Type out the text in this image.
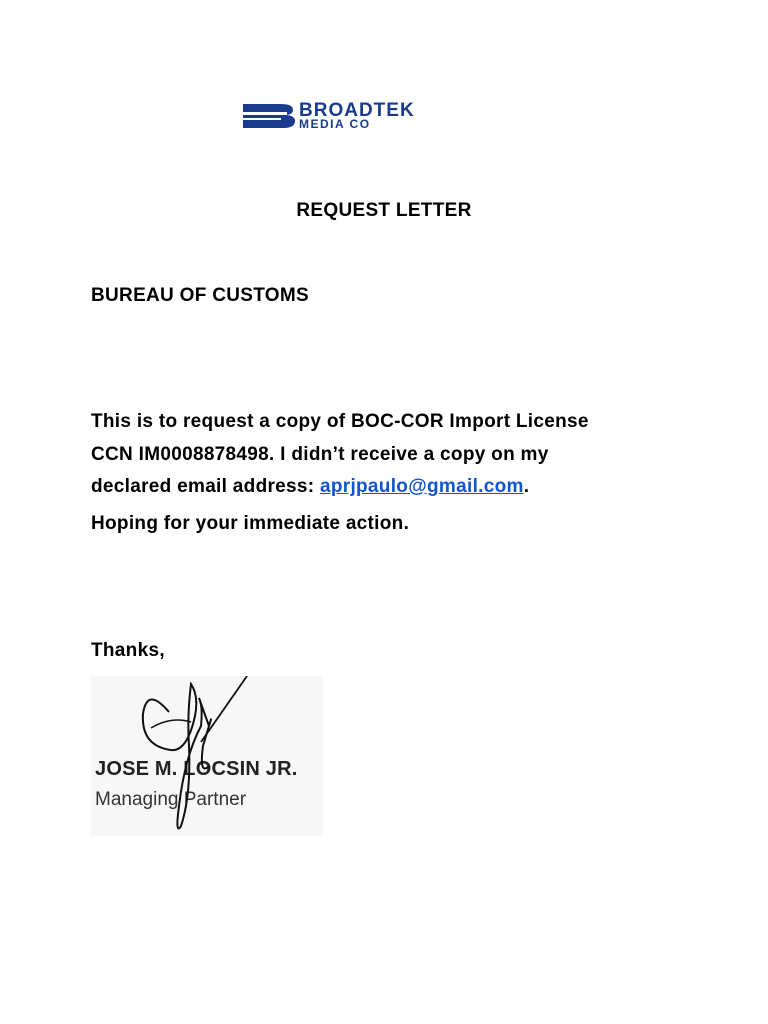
BROADTEK
MEDIA CO
REQUEST LETTER
BUREAU OF CUSTOMS
This is to request a copy of BOC-COR Import License
CCN IM0008878498. I didn’t receive a copy on my
declared email address: aprjpaulo@gmail.com.
Hoping for your immediate action.
Thanks,
JOSE M. LOCSIN JR.
Managing Partner
